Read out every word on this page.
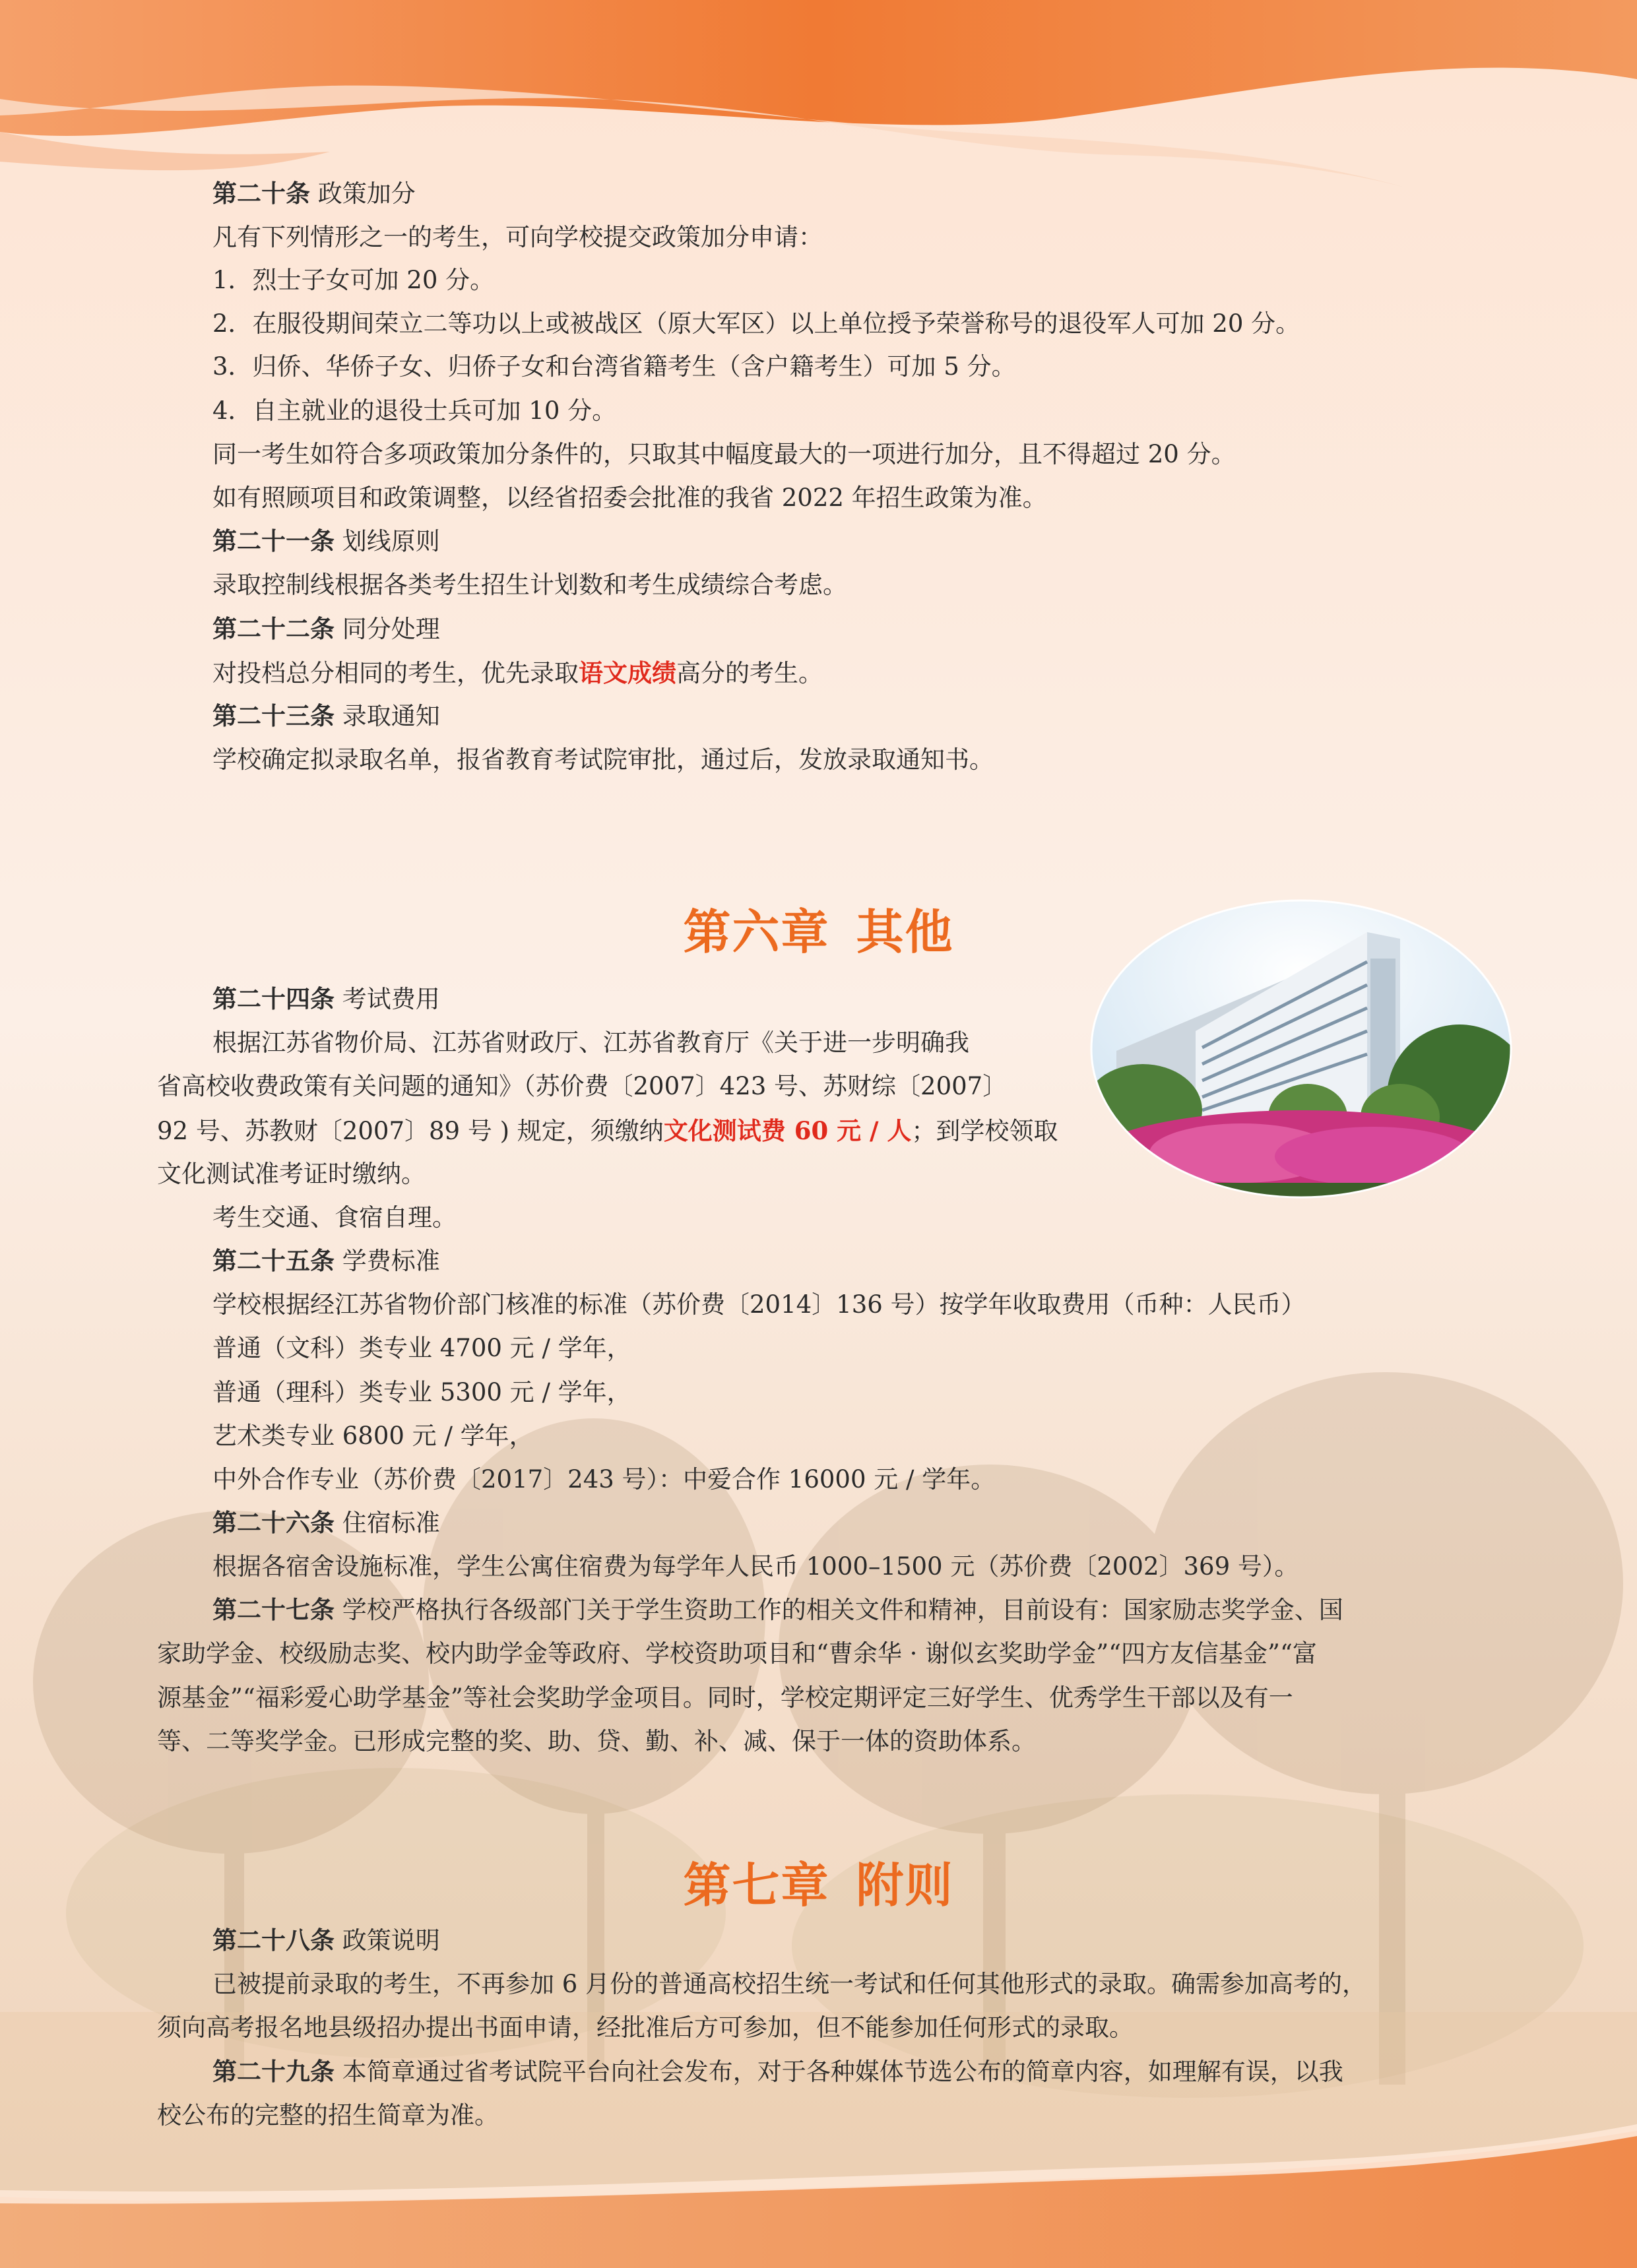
第二十条 政策加分
凡有下列情形之一的考生，可向学校提交政策加分申请：
1．烈士子女可加 20 分。
2．在服役期间荣立二等功以上或被战区（原大军区）以上单位授予荣誉称号的退役军人可加 20 分。
3．归侨、华侨子女、归侨子女和台湾省籍考生（含户籍考生）可加 5 分。
4．自主就业的退役士兵可加 10 分。
同一考生如符合多项政策加分条件的，只取其中幅度最大的一项进行加分，且不得超过 20 分。
如有照顾项目和政策调整，以经省招委会批准的我省 2022 年招生政策为准。
第二十一条 划线原则
录取控制线根据各类考生招生计划数和考生成绩综合考虑。
第二十二条 同分处理
对投档总分相同的考生，优先录取语文成绩高分的考生。
第二十三条 录取通知
学校确定拟录取名单，报省教育考试院审批，通过后，发放录取通知书。
第六章 其他
第二十四条 考试费用
根据江苏省物价局、江苏省财政厅、江苏省教育厅《关于进一步明确我
省高校收费政策有关问题的通知》（苏价费〔2007〕423 号、苏财综〔2007〕
92 号、苏教财〔2007〕89 号 ) 规定，须缴纳文化测试费 60 元 / 人；到学校领取
文化测试准考证时缴纳。
考生交通、食宿自理。
第二十五条 学费标准
学校根据经江苏省物价部门核准的标准（苏价费〔2014〕136 号）按学年收取费用（币种：人民币）
普通（文科）类专业 4700 元 / 学年，
普通（理科）类专业 5300 元 / 学年，
艺术类专业 6800 元 / 学年，
中外合作专业（苏价费〔2017〕243 号）：中爱合作 16000 元 / 学年。
第二十六条 住宿标准
根据各宿舍设施标准，学生公寓住宿费为每学年人民币 1000–1500 元（苏价费〔2002〕369 号）。
第二十七条 学校严格执行各级部门关于学生资助工作的相关文件和精神，目前设有：国家励志奖学金、国
家助学金、校级励志奖、校内助学金等政府、学校资助项目和“曹余华 · 谢似玄奖助学金”“四方友信基金”“富
源基金”“福彩爱心助学基金”等社会奖助学金项目。同时，学校定期评定三好学生、优秀学生干部以及有一
等、二等奖学金。已形成完整的奖、助、贷、勤、补、减、保于一体的资助体系。
第七章 附则
第二十八条 政策说明
已被提前录取的考生，不再参加 6 月份的普通高校招生统一考试和任何其他形式的录取。确需参加高考的，
须向高考报名地县级招办提出书面申请，经批准后方可参加，但不能参加任何形式的录取。
第二十九条 本简章通过省考试院平台向社会发布，对于各种媒体节选公布的简章内容，如理解有误，以我
校公布的完整的招生简章为准。
